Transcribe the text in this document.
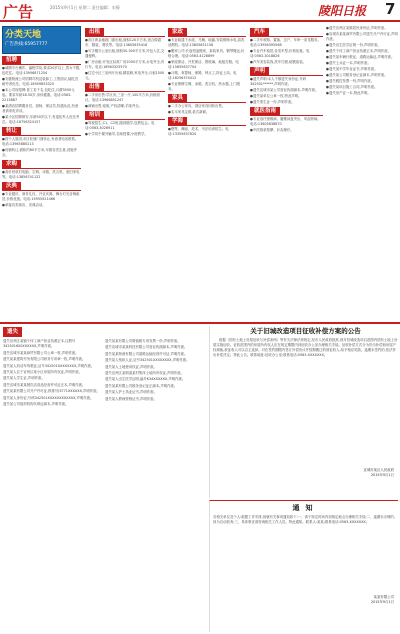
广告	2015年9月1日 星期二 责任编辑：宋静	陵阳日报 7
分类天地
广告热线:65957777
招聘
●诚聘平台操作、编程学徒,要求20岁以上,男女不限,包吃住。电话:13956871254
●安徽物流公司招聘司机及装卸工,工资面议,能吃苦耐劳者优先。电话:18909853320
●本公司现招聘:普工若干名,包吃住,月薪3500元起。要求年龄18-50岁,身体健康。电话:0563-2215887
●某酒店招聘服务员、厨师、保洁员,待遇从优,有意者请来电详谈。
●某小区招聘保安,年龄50岁以下,有退伍军人优先考虑。电话:18756324157
转让
●因个人原因,市区旺铺门面转让,有意者电话联系。电话:13965880213
●旺铺转让,面积约80平方米,可做各类生意,设施齐全。
求购
●高价回收旧电脑、空调、冰箱、洗衣机、废旧家电等。电话:13856741122
庆典
●专业婚庆、商务礼仪、开业庆典、舞台灯光音响租赁,价格优惠。电话:15955521466
●承接各类演出、庆典活动。
出租
●市区黄金地段门面出租,面积120平方米,适合做超市、服装、餐饮等。电话:13605635418
●写字楼办公室出租,面积50-300平方米,拎包入住,交通便利。
●厂房出租:开发区标准厂房2000平方米,水电齐全,有行车。电话:18963325570
●住宅小区三室两厅出租,精装修,家电齐全,月租1500元。
出售
●二手房出售:学区房,三室一厅,100平方米,价格面议。电话:13966851247
●商铺出售,临街,产权清晰,手续齐全。
培训
●驾校招生,C1、C2班,随到随学,包教包会。电话:0563-3026911
●小学初中课外辅导,名师授课,小班教学。
家政
●专业疏通下水道、马桶、地漏,安装维修水电,清洗油烟机。电话:13805631158
●搬家公司:长途短途搬家、拆装家具、钢琴搬运,价格合理。电话:0563-4128899
●家庭保洁、开荒保洁、擦玻璃、地板打蜡。电话:15855637704
●月嫂、育婴师、保姆、钟点工,持证上岗。电话:18256374412
●专业维修空调、冰箱、洗衣机、热水器,上门服务。
家具
●二手办公家具、酒店家具回收出售。
●实木家具定做,款式新颖。
学海
●钢琴、舞蹈、美术、书法培训招生。电话:13355637820
汽车
●二手车收购、置换、过户、年审一条龙服务。电话:13956395568
●专业汽车租赁,各类车型,价格优惠。电话:0563-3018826
●汽车美容装饰,洗车打蜡,贴膜改装。
声明
●遗失声明:本人不慎遗失身份证,号码342501******,声明作废。
●遗失宣城市某公司营业执照副本,声明作废。
●遗失某单位公章一枚,特此声明。
●遗失准生证一份,声明作废。
就医指南
●专业治疗颈椎病、腰椎间盘突出、风湿骨病。电话:13605638870
●中医推拿按摩、针灸理疗。
●遗失宣州区某镇居民身份证,声明作废。
●宣城市某某商贸有限公司遗失开户许可证,声明作废。
●遗失出生医学证明一份,声明作废。
●遗失个体工商户营业执照正本,声明作废。
●遗失某车辆行驶证、道路运输证,声明作废。
●遗失士兵证一本,声明作废。
●遗失某中学毕业证书,声明作废。
●遗失某公司税务登记证副本,声明作废。
●遗失税控发票一份,声明作废。
●遗失某项目施工合同,声明作废。
●遗失房产证一本,特此声明。
遗失
遗失宣州区某镇个体工商户营业执照正本,注册号342501600XXXXXX,声明作废。
遗失宣城市某某商贸有限公司公章一枚,声明作废。
遗失某某建筑劳务有限公司财务专用章一枚,声明作废。
遗失某人机动车驾驶证,证号342501XXXXXXXX,声明作废。
遗失某人位于宣州区某小区房屋所有权证,声明作废。
遗失某人学生证,声明作废。
遗失宣城市某某餐饮店食品经营许可证正本,声明作废。
遗失某某有限公司开户许可证,核准号J3771XXXXXX,声明作废。
遗失某人身份证,号码342501XXXXXXXXXXXX,声明作废。
遗失某公司组织机构代码证副本,声明作废。
遗失某某有限公司增值税专用发票一份,声明作废。
遗失宣城市某某科技有限公司营业执照副本,声明作废。
遗失某某物流有限公司道路运输经营许可证,声明作废。
遗失某人残疾人证,证号342501XXXXXXXX,声明作废。
遗失某人土地使用权证,声明作废。
遗失宣州区某街道某村集体土地所有权证,声明作废。
遗失某人出生医学证明,编号K34XXXXXX,声明作废。
遗失某某有限公司税务登记证正副本,声明作废。
遗失某人护士执业证书,声明作废。
遗失某人教师资格证书,声明作废。
关于旧城改造项目征收补偿方案的公告
根据《国有土地上房屋征收与补偿条例》等有关法律法规规定,经市人民政府批准,现对旧城改造项目范围内国有土地上房屋实施征收。征收范围内的房屋所有权人应在规定期限内到征收办公室办理相关手续。征收补偿方式分为货币补偿和房屋产权调换,被征收人可以自主选择。对在签约期限内签订补偿协议并按期搬迁的被征收人,给予相应奖励。逾期未签约的,依法作出补偿决定。特此公告。联系地址:征收办公室;联系电话:0563-XXXXXXX。
宣城市某区人民政府
2015年9月1日
通知
各相关单位及个人:根据工作安排,现就有关事项通知如下:一、请于规定时间内到指定地点办理相关手续;二、逾期未办理的,视为自动放弃;三、具体事宜请咨询相关工作人员。特此通知。联系人:某某;联系电话:0563-XXXXXXX。
某某有限公司
2015年9月1日
